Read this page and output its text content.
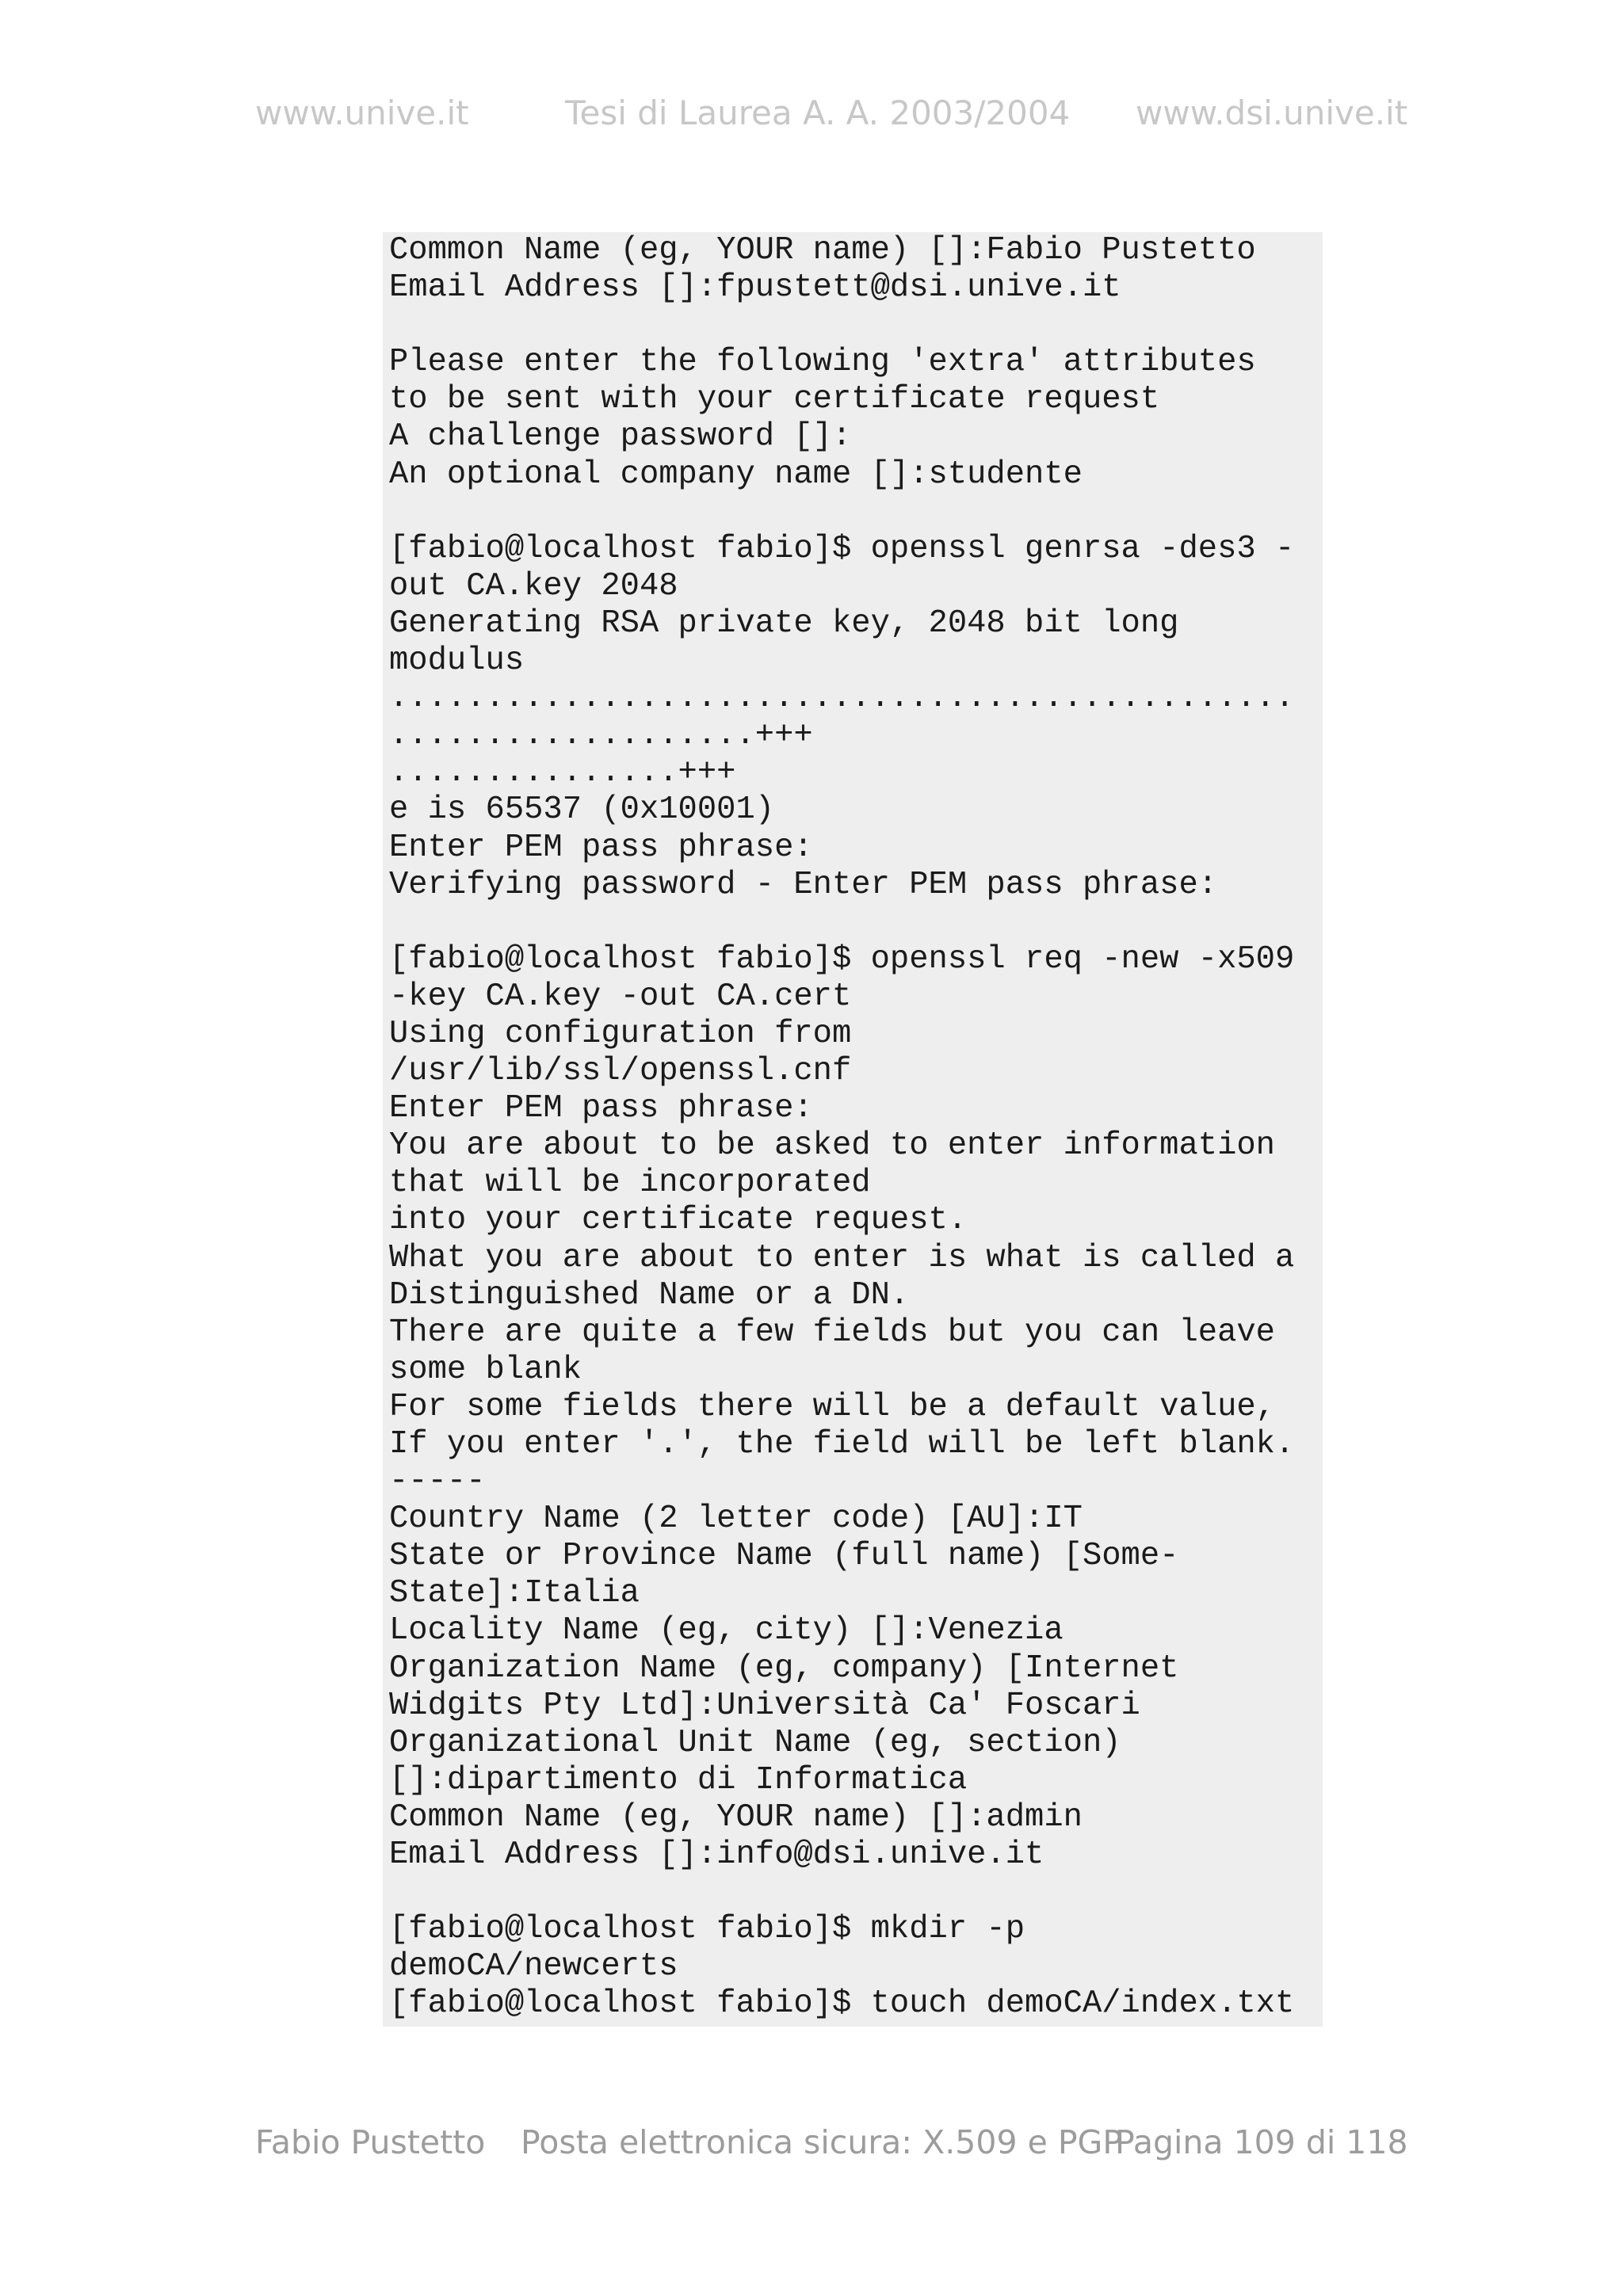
www.unive.it	Tesi di Laurea A. A. 2003/2004 www.dsi.unive.it
Common Name (eg, YOUR name) []:Fabio Pustetto
Email Address []:fpustett@dsi.unive.it

Please enter the following 'extra' attributes
to be sent with your certificate request
A challenge password []:
An optional company name []:studente

[fabio@localhost fabio]$ openssl genrsa -des3 -
out CA.key 2048
Generating RSA private key, 2048 bit long
modulus
...............................................
...................+++
...............+++
e is 65537 (0x10001)
Enter PEM pass phrase:
Verifying password - Enter PEM pass phrase:

[fabio@localhost fabio]$ openssl req -new -x509
-key CA.key -out CA.cert
Using configuration from
/usr/lib/ssl/openssl.cnf
Enter PEM pass phrase:
You are about to be asked to enter information
that will be incorporated
into your certificate request.
What you are about to enter is what is called a
Distinguished Name or a DN.
There are quite a few fields but you can leave
some blank
For some fields there will be a default value,
If you enter '.', the field will be left blank.
-----
Country Name (2 letter code) [AU]:IT
State or Province Name (full name) [Some-
State]:Italia
Locality Name (eg, city) []:Venezia
Organization Name (eg, company) [Internet
Widgits Pty Ltd]:Università Ca' Foscari
Organizational Unit Name (eg, section)
[]:dipartimento di Informatica
Common Name (eg, YOUR name) []:admin
Email Address []:info@dsi.unive.it

[fabio@localhost fabio]$ mkdir -p
demoCA/newcerts
[fabio@localhost fabio]$ touch demoCA/index.txt
Fabio Pustetto Posta elettronica sicura: X.509 e PGP
Pagina 109 di 118
